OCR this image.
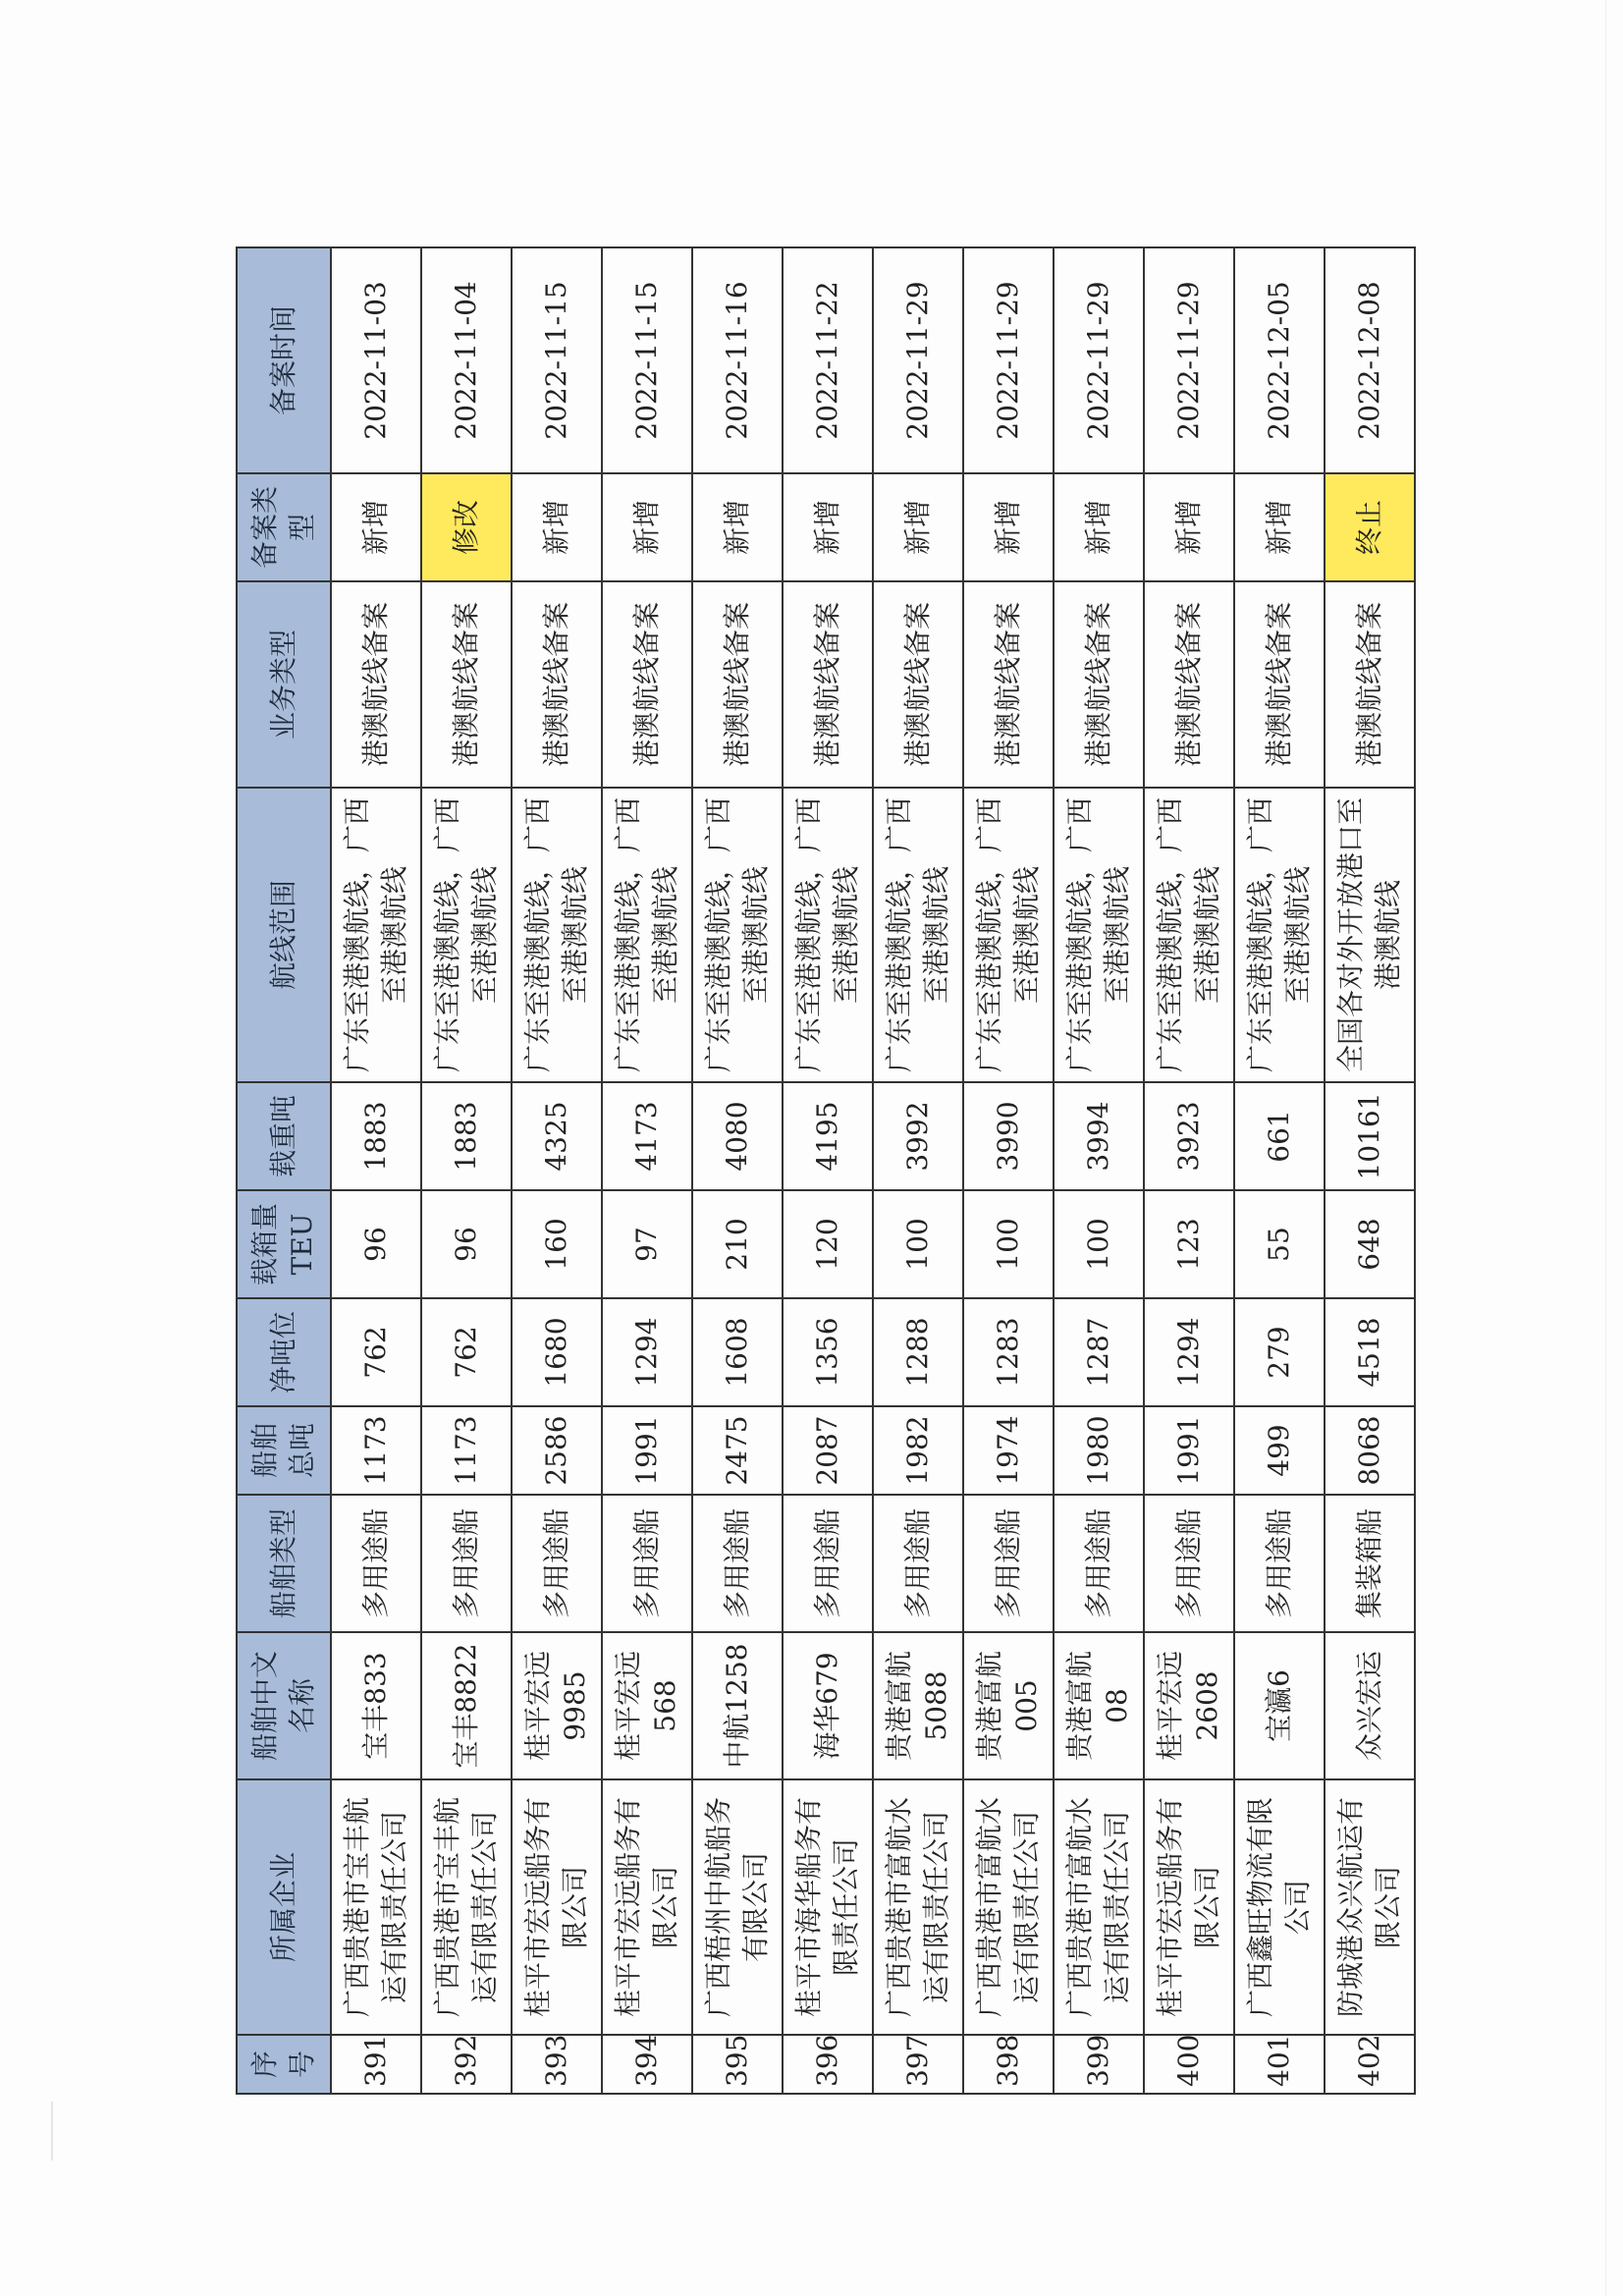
序号	所属企业	船舶中文名称	船舶类型	船舶总吨	净吨位	载箱量TEU	载重吨	航线范围	业务类型	备案类型	备案时间
391	广西贵港市宝丰航运有限责任公司	宝丰833	多用途船	1173	762	96	1883	广东至港澳航线，广西至港澳航线	港澳航线备案	新增	2022-11-03
392	广西贵港市宝丰航运有限责任公司	宝丰8822	多用途船	1173	762	96	1883	广东至港澳航线，广西至港澳航线	港澳航线备案	修改	2022-11-04
393	桂平市宏远船务有限公司	桂平宏远9985	多用途船	2586	1680	160	4325	广东至港澳航线，广西至港澳航线	港澳航线备案	新增	2022-11-15
394	桂平市宏远船务有限公司	桂平宏远568	多用途船	1991	1294	97	4173	广东至港澳航线，广西至港澳航线	港澳航线备案	新增	2022-11-15
395	广西梧州中航船务有限公司	中航1258	多用途船	2475	1608	210	4080	广东至港澳航线，广西至港澳航线	港澳航线备案	新增	2022-11-16
396	桂平市海华船务有限责任公司	海华679	多用途船	2087	1356	120	4195	广东至港澳航线，广西至港澳航线	港澳航线备案	新增	2022-11-22
397	广西贵港市富航水运有限责任公司	贵港富航5088	多用途船	1982	1288	100	3992	广东至港澳航线，广西至港澳航线	港澳航线备案	新增	2022-11-29
398	广西贵港市富航水运有限责任公司	贵港富航005	多用途船	1974	1283	100	3990	广东至港澳航线，广西至港澳航线	港澳航线备案	新增	2022-11-29
399	广西贵港市富航水运有限责任公司	贵港富航08	多用途船	1980	1287	100	3994	广东至港澳航线，广西至港澳航线	港澳航线备案	新增	2022-11-29
400	桂平市宏远船务有限公司	桂平宏远2608	多用途船	1991	1294	123	3923	广东至港澳航线，广西至港澳航线	港澳航线备案	新增	2022-11-29
401	广西鑫旺物流有限公司	宝瀛6	多用途船	499	279	55	661	广东至港澳航线，广西至港澳航线	港澳航线备案	新增	2022-12-05
402	防城港众兴航运有限公司	众兴宏运	集装箱船	8068	4518	648	10161	全国各对外开放港口至港澳航线	港澳航线备案	终止	2022-12-08
